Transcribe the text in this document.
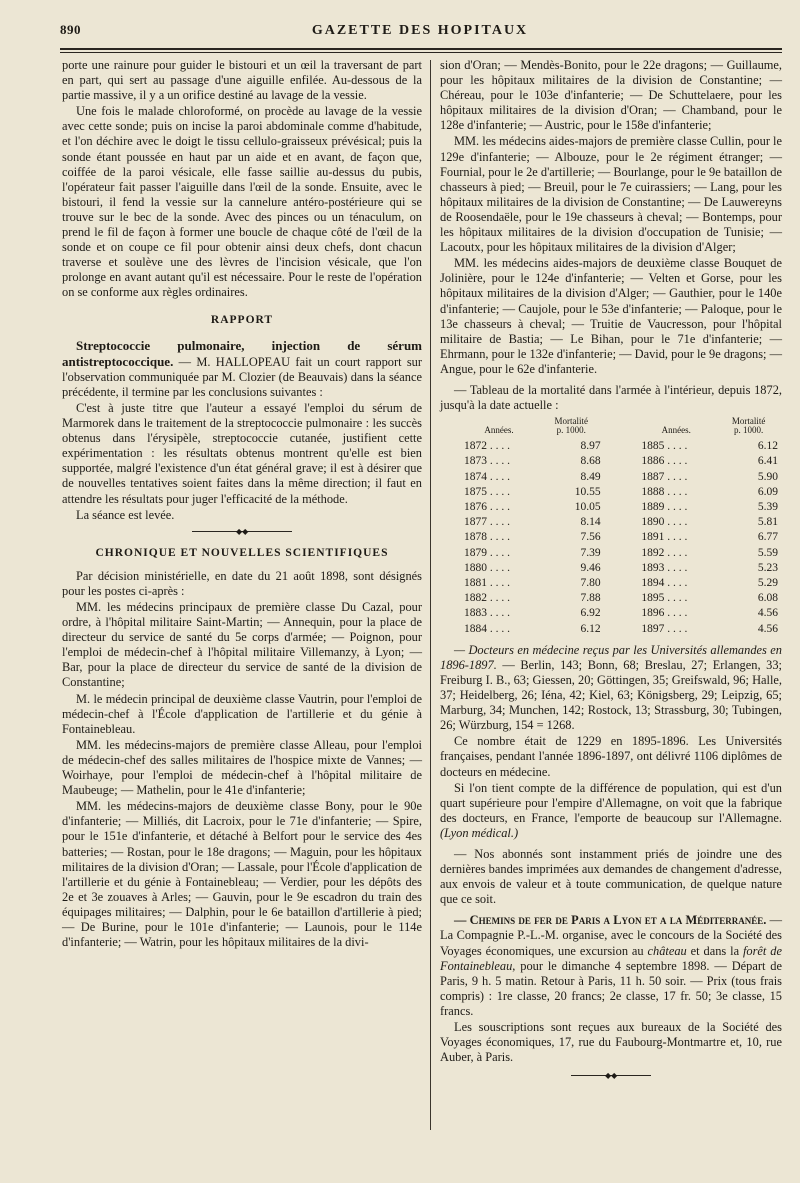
890	GAZETTE DES HOPITAUX

porte une rainure pour guider le bistouri et un œil la traversant de part en part, qui sert au passage d'une aiguille enfilée. Au-dessous de la partie massive, il y a un orifice destiné au lavage de la vessie.

Une fois le malade chloroformé, on procède au lavage de la vessie avec cette sonde; puis on incise la paroi abdominale comme d'habitude, et l'on déchire avec le doigt le tissu cellulo-graisseux prévésical; puis la sonde étant poussée en haut par un aide et en avant, de façon que, coiffée de la paroi vésicale, elle fasse saillie au-dessus du pubis, l'opérateur fait passer l'aiguille dans l'œil de la sonde. Ensuite, avec le bistouri, il fend la vessie sur la cannelure antéro-postérieure qui se trouve sur le bec de la sonde. Avec des pinces ou un ténaculum, on prend le fil de façon à former une boucle de chaque côté de l'œil de la sonde et on coupe ce fil pour obtenir ainsi deux chefs, dont chacun traverse et soulève une des lèvres de l'incision vésicale, que l'on prolonge en avant autant qu'il est nécessaire. Pour le reste de l'opération on se conforme aux règles ordinaires.

RAPPORT

Streptococcie pulmonaire, injection de sérum antistreptococcique. — M. HALLOPEAU fait un court rapport sur l'observation communiquée par M. Clozier (de Beauvais) dans la séance précédente, il termine par les conclusions suivantes :

C'est à juste titre que l'auteur a essayé l'emploi du sérum de Marmorek dans le traitement de la streptococcie pulmonaire : les succès obtenus dans l'érysipèle, streptococcie cutanée, justifient cette expérimentation : les résultats obtenus montrent qu'elle est bien supportée, malgré l'existence d'un état général grave; il est à désirer que de nouvelles tentatives soient faites dans la même direction; il faut en attendre les résultats pour juger l'efficacité de la méthode.

La séance est levée.

◆◆
CHRONIQUE ET NOUVELLES SCIENTIFIQUES

Par décision ministérielle, en date du 21 août 1898, sont désignés pour les postes ci-après :

MM. les médecins principaux de première classe Du Cazal, pour ordre, à l'hôpital militaire Saint-Martin; — Annequin, pour la place de directeur du service de santé du 5e corps d'armée; — Poignon, pour l'emploi de médecin-chef à l'hôpital militaire Villemanzy, à Lyon; — Bar, pour la place de directeur du service de santé de la division de Constantine;

M. le médecin principal de deuxième classe Vautrin, pour l'emploi de médecin-chef à l'École d'application de l'artillerie et du génie à Fontainebleau.

MM. les médecins-majors de première classe Alleau, pour l'emploi de médecin-chef des salles militaires de l'hospice mixte de Vannes; — Woirhaye, pour l'emploi de médecin-chef à l'hôpital militaire de Maubeuge; — Mathelin, pour le 41e d'infanterie;

MM. les médecins-majors de deuxième classe Bony, pour le 90e d'infanterie; — Milliés, dit Lacroix, pour le 71e d'infanterie; — Spire, pour le 151e d'infanterie, et détaché à Belfort pour le service des 4es batteries; — Rostan, pour le 18e dragons; — Maguin, pour les hôpitaux militaires de la division d'Oran; — Lassale, pour l'École d'application de l'artillerie et du génie à Fontainebleau; — Verdier, pour les dépôts des 2e et 3e zouaves à Arles; — Gauvin, pour le 9e escadron du train des équipages militaires; — Dalphin, pour le 6e bataillon d'artillerie à pied; — De Burine, pour le 101e d'infanterie; — Launois, pour le 114e d'infanterie; — Watrin, pour les hôpitaux militaires de la divi-

sion d'Oran; — Mendès-Bonito, pour le 22e dragons; — Guillaume, pour les hôpitaux militaires de la division de Constantine; — Chéreau, pour le 103e d'infanterie; — De Schuttelaere, pour les hôpitaux militaires de la division d'Oran; — Chamband, pour le 128e d'infanterie; — Austric, pour le 158e d'infanterie;

MM. les médecins aides-majors de première classe Cullin, pour le 129e d'infanterie; — Albouze, pour le 2e régiment étranger; — Fournial, pour le 2e d'artillerie; — Bourlange, pour le 9e bataillon de chasseurs à pied; — Breuil, pour le 7e cuirassiers; — Lang, pour les hôpitaux militaires de la division de Constantine; — De Lauwereyns de Roosendaële, pour le 19e chasseurs à cheval; — Bontemps, pour les hôpitaux militaires de la division d'occupation de Tunisie; — Lacoutx, pour les hôpitaux militaires de la division d'Alger;

MM. les médecins aides-majors de deuxième classe Bouquet de Jolinière, pour le 124e d'infanterie; — Velten et Gorse, pour les hôpitaux militaires de la division d'Alger; — Gauthier, pour le 140e d'infanterie; — Caujole, pour le 53e d'infanterie; — Paloque, pour le 13e chasseurs à cheval; — Truitie de Vaucresson, pour l'hôpital militaire de Bastia; — Le Bihan, pour le 71e d'infanterie; — Ehrmann, pour le 132e d'infanterie; — David, pour le 9e dragons; — Angue, pour le 62e d'infanterie.

— Tableau de la mortalité dans l'armée à l'intérieur, depuis 1872, jusqu'à la date actuelle :

Années.	Mortalité
p. 1000.		Années.	Mortalité
p. 1000.
1872 . . . .	8.97		1885 . . . .	6.12
1873 . . . .	8.68		1886 . . . .	6.41
1874 . . . .	8.49		1887 . . . .	5.90
1875 . . . .	10.55		1888 . . . .	6.09
1876 . . . .	10.05		1889 . . . .	5.39
1877 . . . .	8.14		1890 . . . .	5.81
1878 . . . .	7.56		1891 . . . .	6.77
1879 . . . .	7.39		1892 . . . .	5.59
1880 . . . .	9.46		1893 . . . .	5.23
1881 . . . .	7.80		1894 . . . .	5.29
1882 . . . .	7.88		1895 . . . .	6.08
1883 . . . .	6.92		1896 . . . .	4.56
1884 . . . .	6.12		1897 . . . .	4.56

— Docteurs en médecine reçus par les Universités allemandes en 1896-1897. — Berlin, 143; Bonn, 68; Breslau, 27; Erlangen, 33; Freiburg I. B., 63; Giessen, 20; Göttingen, 35; Greifswald, 96; Halle, 37; Heidelberg, 26; Iéna, 42; Kiel, 63; Königsberg, 29; Leipzig, 65; Marburg, 34; Munchen, 142; Rostock, 13; Strassburg, 30; Tubingen, 26; Würzburg, 154 = 1268.

Ce nombre était de 1229 en 1895-1896. Les Universités françaises, pendant l'année 1896-1897, ont délivré 1106 diplômes de docteurs en médecine.

Si l'on tient compte de la différence de population, qui est d'un quart supérieure pour l'empire d'Allemagne, on voit que la fabrique des docteurs, en France, l'emporte de beaucoup sur l'Allemagne. (Lyon médical.)

— Nos abonnés sont instamment priés de joindre une des dernières bandes imprimées aux demandes de changement d'adresse, aux envois de valeur et à toute communication, de quelque nature que ce soit.

— Chemins de fer de Paris a Lyon et a la Méditerranée. — La Compagnie P.-L.-M. organise, avec le concours de la Société des Voyages économiques, une excursion au château et dans la forêt de Fontainebleau, pour le dimanche 4 septembre 1898. — Départ de Paris, 9 h. 5 matin. Retour à Paris, 11 h. 50 soir. — Prix (tous frais compris) : 1re classe, 20 francs; 2e classe, 17 fr. 50; 3e classe, 15 francs.

Les souscriptions sont reçues aux bureaux de la Société des Voyages économiques, 17, rue du Faubourg-Montmartre et, 10, rue Auber, à Paris.

◆◆
